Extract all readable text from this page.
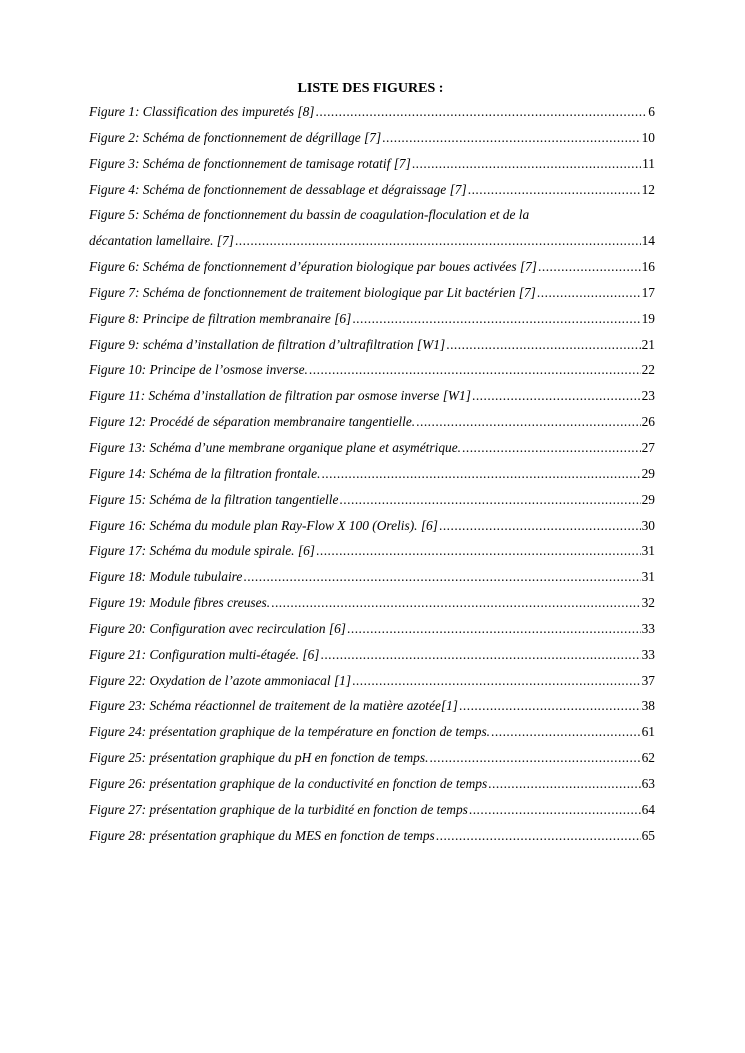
LISTE DES FIGURES :
Figure 1: Classification des impuretés [8] .....	6
Figure 2: Schéma de fonctionnement de dégrillage [7] .....	10
Figure 3: Schéma de fonctionnement de tamisage rotatif [7] .....	11
Figure 4: Schéma de fonctionnement de dessablage et dégraissage [7] .....	12
Figure 5: Schéma de fonctionnement du bassin de coagulation-floculation et de la
décantation lamellaire. [7] .....	14
Figure 6: Schéma de fonctionnement d’épuration biologique par boues activées [7] .....	16
Figure 7: Schéma de fonctionnement de traitement biologique par Lit bactérien [7] .....	17
Figure 8: Principe de filtration membranaire [6] .....	19
Figure 9: schéma d’installation de filtration d’ultrafiltration [W1] .....	21
Figure 10: Principe de l’osmose inverse. .....	22
Figure 11: Schéma d’installation de filtration par osmose inverse [W1] .....	23
Figure 12: Procédé de séparation membranaire tangentielle. .....	26
Figure 13: Schéma d’une membrane organique plane et asymétrique. .....	27
Figure 14: Schéma de la filtration frontale. .....	29
Figure 15: Schéma de la filtration tangentielle .....	29
Figure 16: Schéma du module plan Ray-Flow X 100 (Orelis). [6] .....	30
Figure 17: Schéma du module spirale. [6] .....	31
Figure 18: Module tubulaire .....	31
Figure 19: Module fibres creuses. .....	32
Figure 20: Configuration avec recirculation [6] .....	33
Figure 21: Configuration multi-étagée. [6] .....	33
Figure 22: Oxydation de l’azote ammoniacal [1] .....	37
Figure 23: Schéma réactionnel de traitement de la matière azotée[1] .....	38
Figure 24: présentation graphique de la température en fonction de temps. .....	61
Figure 25: présentation graphique du pH en fonction de temps. .....	62
Figure 26: présentation graphique de la conductivité en fonction de temps .....	63
Figure 27: présentation graphique de la turbidité en fonction de temps .....	64
Figure 28: présentation graphique du MES en fonction de temps .....	65
